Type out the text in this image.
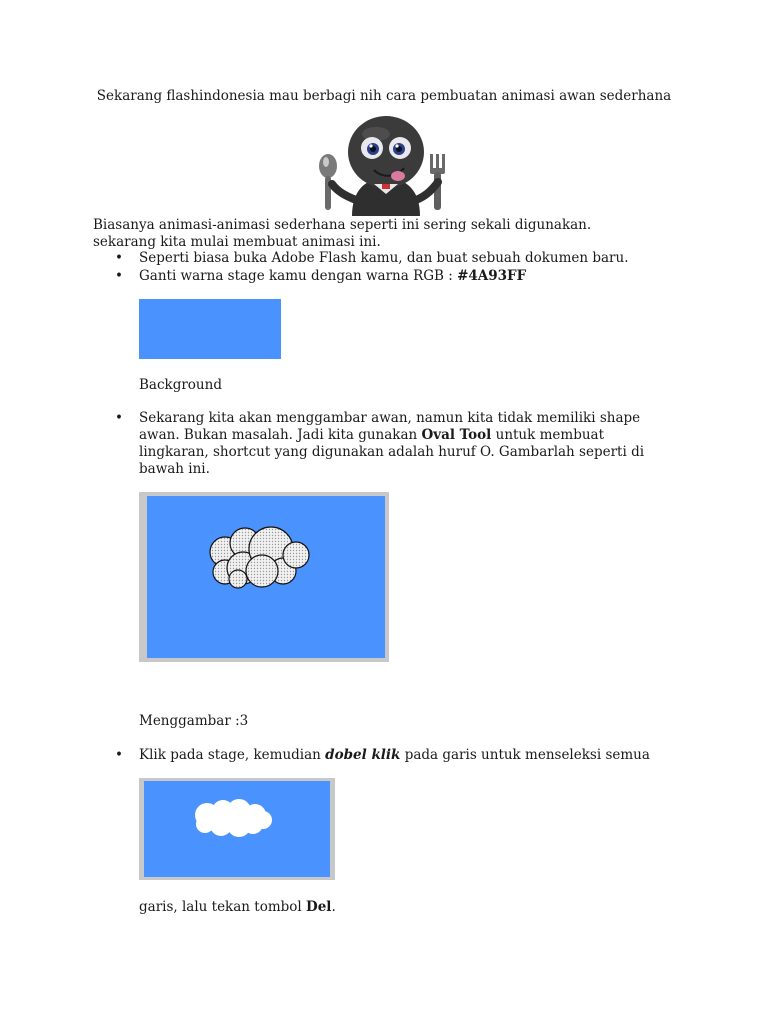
Sekarang flashindonesia mau berbagi nih cara pembuatan animasi awan sederhana
Biasanya animasi-animasi sederhana seperti ini sering sekali digunakan.
sekarang kita mulai membuat animasi ini.
• Seperti biasa buka Adobe Flash kamu, dan buat sebuah dokumen baru.
• Ganti warna stage kamu dengan warna RGB : #4A93FF
Background
• Sekarang kita akan menggambar awan, namun kita tidak memiliki shape awan. Bukan masalah. Jadi kita gunakan Oval Tool untuk membuat lingkaran, shortcut yang digunakan adalah huruf O. Gambarlah seperti di bawah ini.
Menggambar :3
• Klik pada stage, kemudian dobel klik pada garis untuk menseleksi semua
garis, lalu tekan tombol Del.
